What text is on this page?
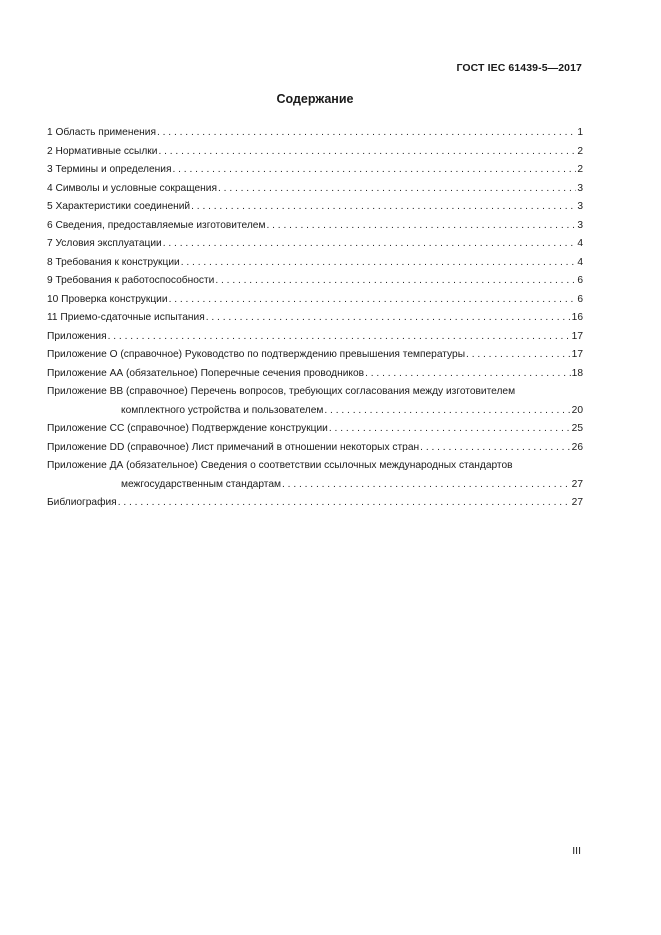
ГОСТ IEC 61439-5—2017
Содержание
1 Область применения . . .	1
2 Нормативные ссылки . . .	2
3 Термины и определения . . .	2
4 Символы и условные сокращения . . .	3
5 Характеристики соединений . . .	3
6 Сведения, предоставляемые изготовителем . . .	3
7 Условия эксплуатации . . .	4
8 Требования к конструкции . . .	4
9 Требования к работоспособности . . .	6
10 Проверка конструкции . . .	6
11 Приемо-сдаточные испытания . . .	16
Приложения . . .	17
Приложение О (справочное) Руководство по подтверждению превышения температуры . . .	17
Приложение АА (обязательное) Поперечные сечения проводников . . .	18
Приложение ВВ (справочное) Перечень вопросов, требующих согласования между изготовителем
комплектного устройства и пользователем . . .	20
Приложение СС (справочное) Подтверждение конструкции . . .	25
Приложение DD (справочное) Лист примечаний в отношении некоторых стран . . .	26
Приложение ДА (обязательное) Сведения о соответствии ссылочных международных стандартов
межгосударственным стандартам . . .	27
Библиография . . .	27
III
